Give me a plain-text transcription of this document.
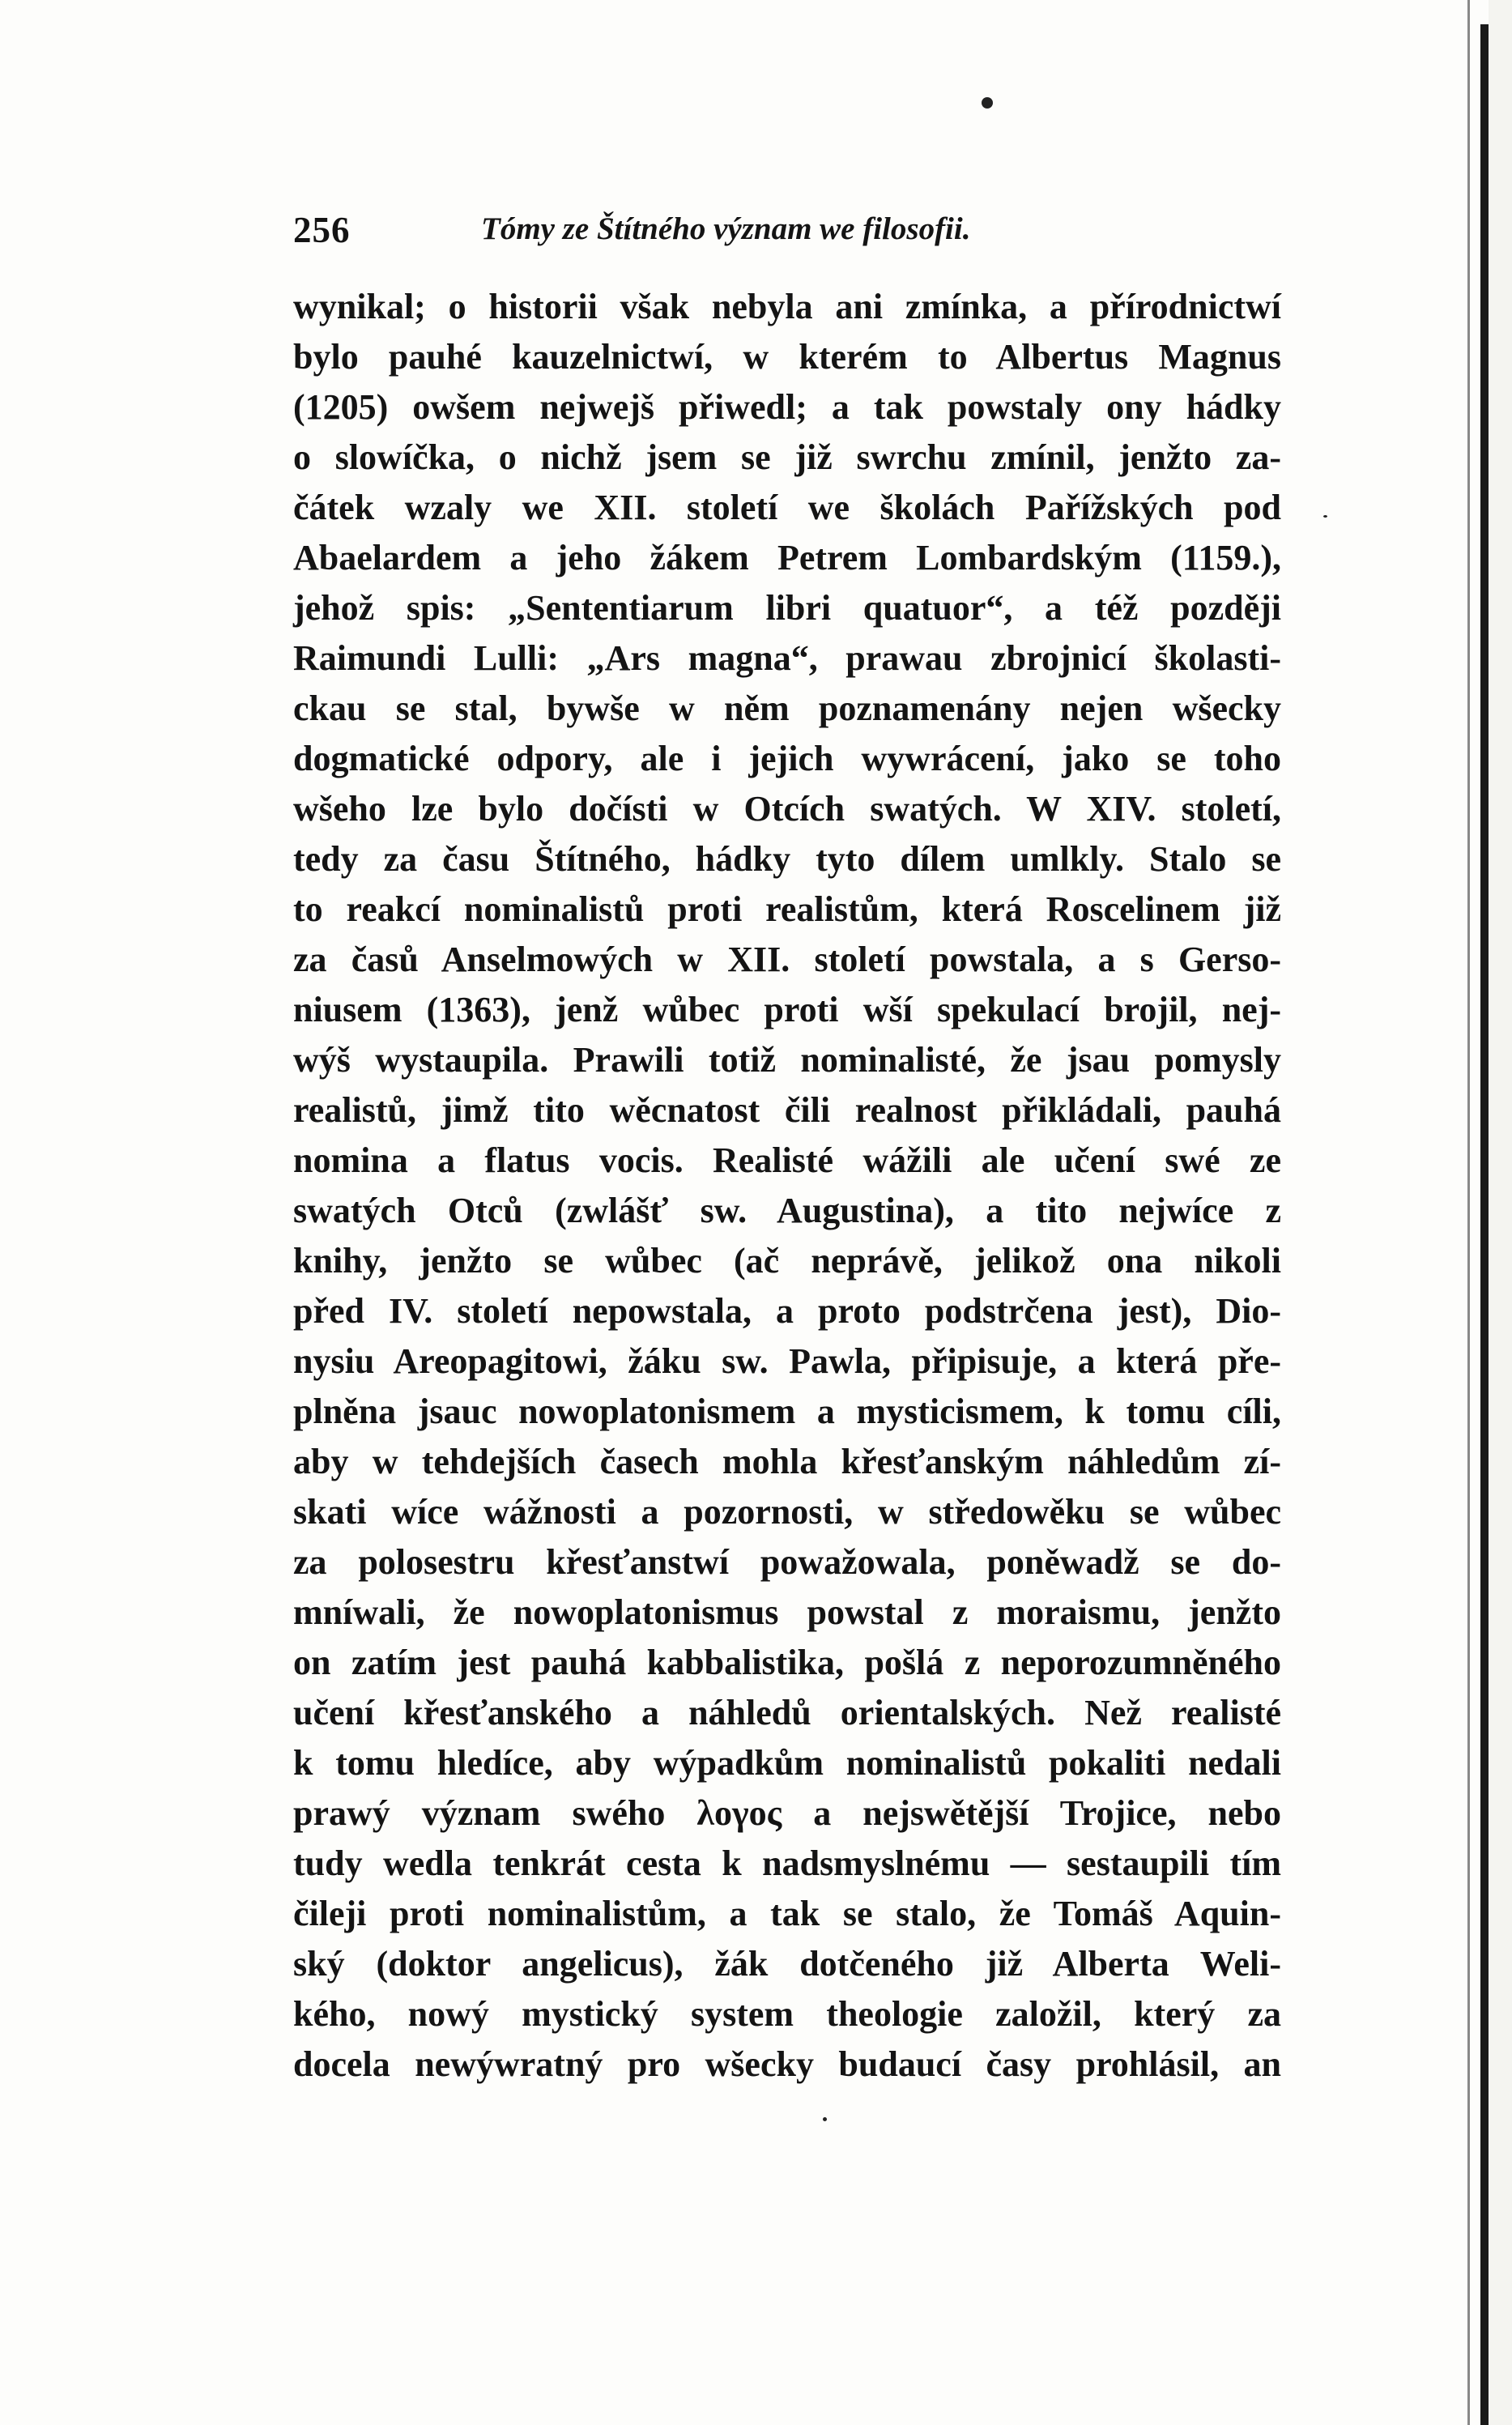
256	Tómy ze Štítného význam we filosofii.
wynikal; o historii však nebyla ani zmínka, a přírodnictwí
bylo pauhé kauzelnictwí, w kterém to Albertus Magnus
(1205) owšem nejwejš přiwedl; a tak powstaly ony hádky
o slowíčka, o nichž jsem se již swrchu zmínil, jenžto za-
čátek wzaly we XII. století we školách Pařížských pod
Abaelardem a jeho žákem Petrem Lombardským (1159.),
jehož spis: „Sententiarum libri quatuor“, a též později
Raimundi Lulli: „Ars magna“, prawau zbrojnicí školasti-
ckau se stal, bywše w něm poznamenány nejen wšecky
dogmatické odpory, ale i jejich wywrácení, jako se toho
wšeho lze bylo dočísti w Otcích swatých. W XIV. století,
tedy za času Štítného, hádky tyto dílem umlkly. Stalo se
to reakcí nominalistů proti realistům, která Roscelinem již
za časů Anselmowých w XII. století powstala, a s Gerso-
niusem (1363), jenž wůbec proti wší spekulací brojil, nej-
wýš wystaupila. Prawili totiž nominalisté, že jsau pomysly
realistů, jimž tito wěcnatost čili realnost přikládali, pauhá
nomina a flatus vocis. Realisté wážili ale učení swé ze
swatých Otců (zwlášť sw. Augustina), a tito nejwíce z
knihy, jenžto se wůbec (ač neprávě, jelikož ona nikoli
před IV. století nepowstala, a proto podstrčena jest), Dio-
nysiu Areopagitowi, žáku sw. Pawla, připisuje, a která pře-
plněna jsauc nowoplatonismem a mysticismem, k tomu cíli,
aby w tehdejších časech mohla křesťanským náhledům zí-
skati wíce wážnosti a pozornosti, w středowěku se wůbec
za polosestru křesťanstwí powažowala, poněwadž se do-
mníwali, že nowoplatonismus powstal z moraismu, jenžto
on zatím jest pauhá kabbalistika, pošlá z neporozumněného
učení křesťanského a náhledů orientalských. Než realisté
k tomu hledíce, aby wýpadkům nominalistů pokaliti nedali
prawý význam swého λογος a nejswětější Trojice, nebo
tudy wedla tenkrát cesta k nadsmyslnému — sestaupili tím
čileji proti nominalistům, a tak se stalo, že Tomáš Aquin-
ský (doktor angelicus), žák dotčeného již Alberta Weli-
kého, nowý mystický system theologie založil, který za
docela newýwratný pro wšecky budaucí časy prohlásil, an
